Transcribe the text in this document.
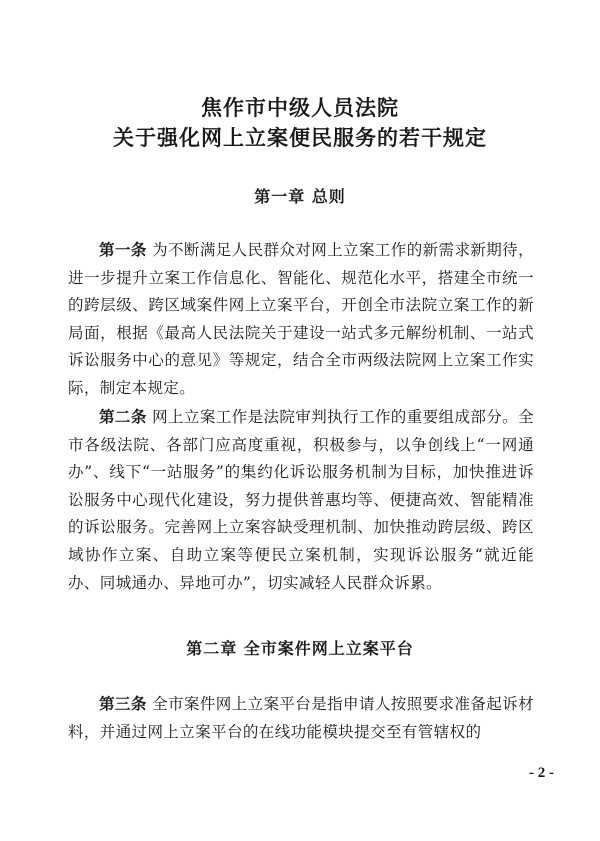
焦作市中级人员法院
关于强化网上立案便民服务的若干规定
第一章 总则
第一条 为不断满足人民群众对网上立案工作的新需求新期待，进一步提升立案工作信息化、智能化、规范化水平，搭建全市统一的跨层级、跨区域案件网上立案平台，开创全市法院立案工作的新局面，根据《最高人民法院关于建设一站式多元解纷机制、一站式诉讼服务中心的意见》等规定，结合全市两级法院网上立案工作实际，制定本规定。
第二条 网上立案工作是法院审判执行工作的重要组成部分。全市各级法院、各部门应高度重视，积极参与，以争创线上“一网通办”、线下“一站服务”的集约化诉讼服务机制为目标，加快推进诉讼服务中心现代化建设，努力提供普惠均等、便捷高效、智能精准的诉讼服务。完善网上立案容缺受理机制、加快推动跨层级、跨区域协作立案、自助立案等便民立案机制，实现诉讼服务“就近能办、同城通办、异地可办”，切实减轻人民群众诉累。
第二章 全市案件网上立案平台
第三条 全市案件网上立案平台是指申请人按照要求准备起诉材料，并通过网上立案平台的在线功能模块提交至有管辖权的
- 2 -
